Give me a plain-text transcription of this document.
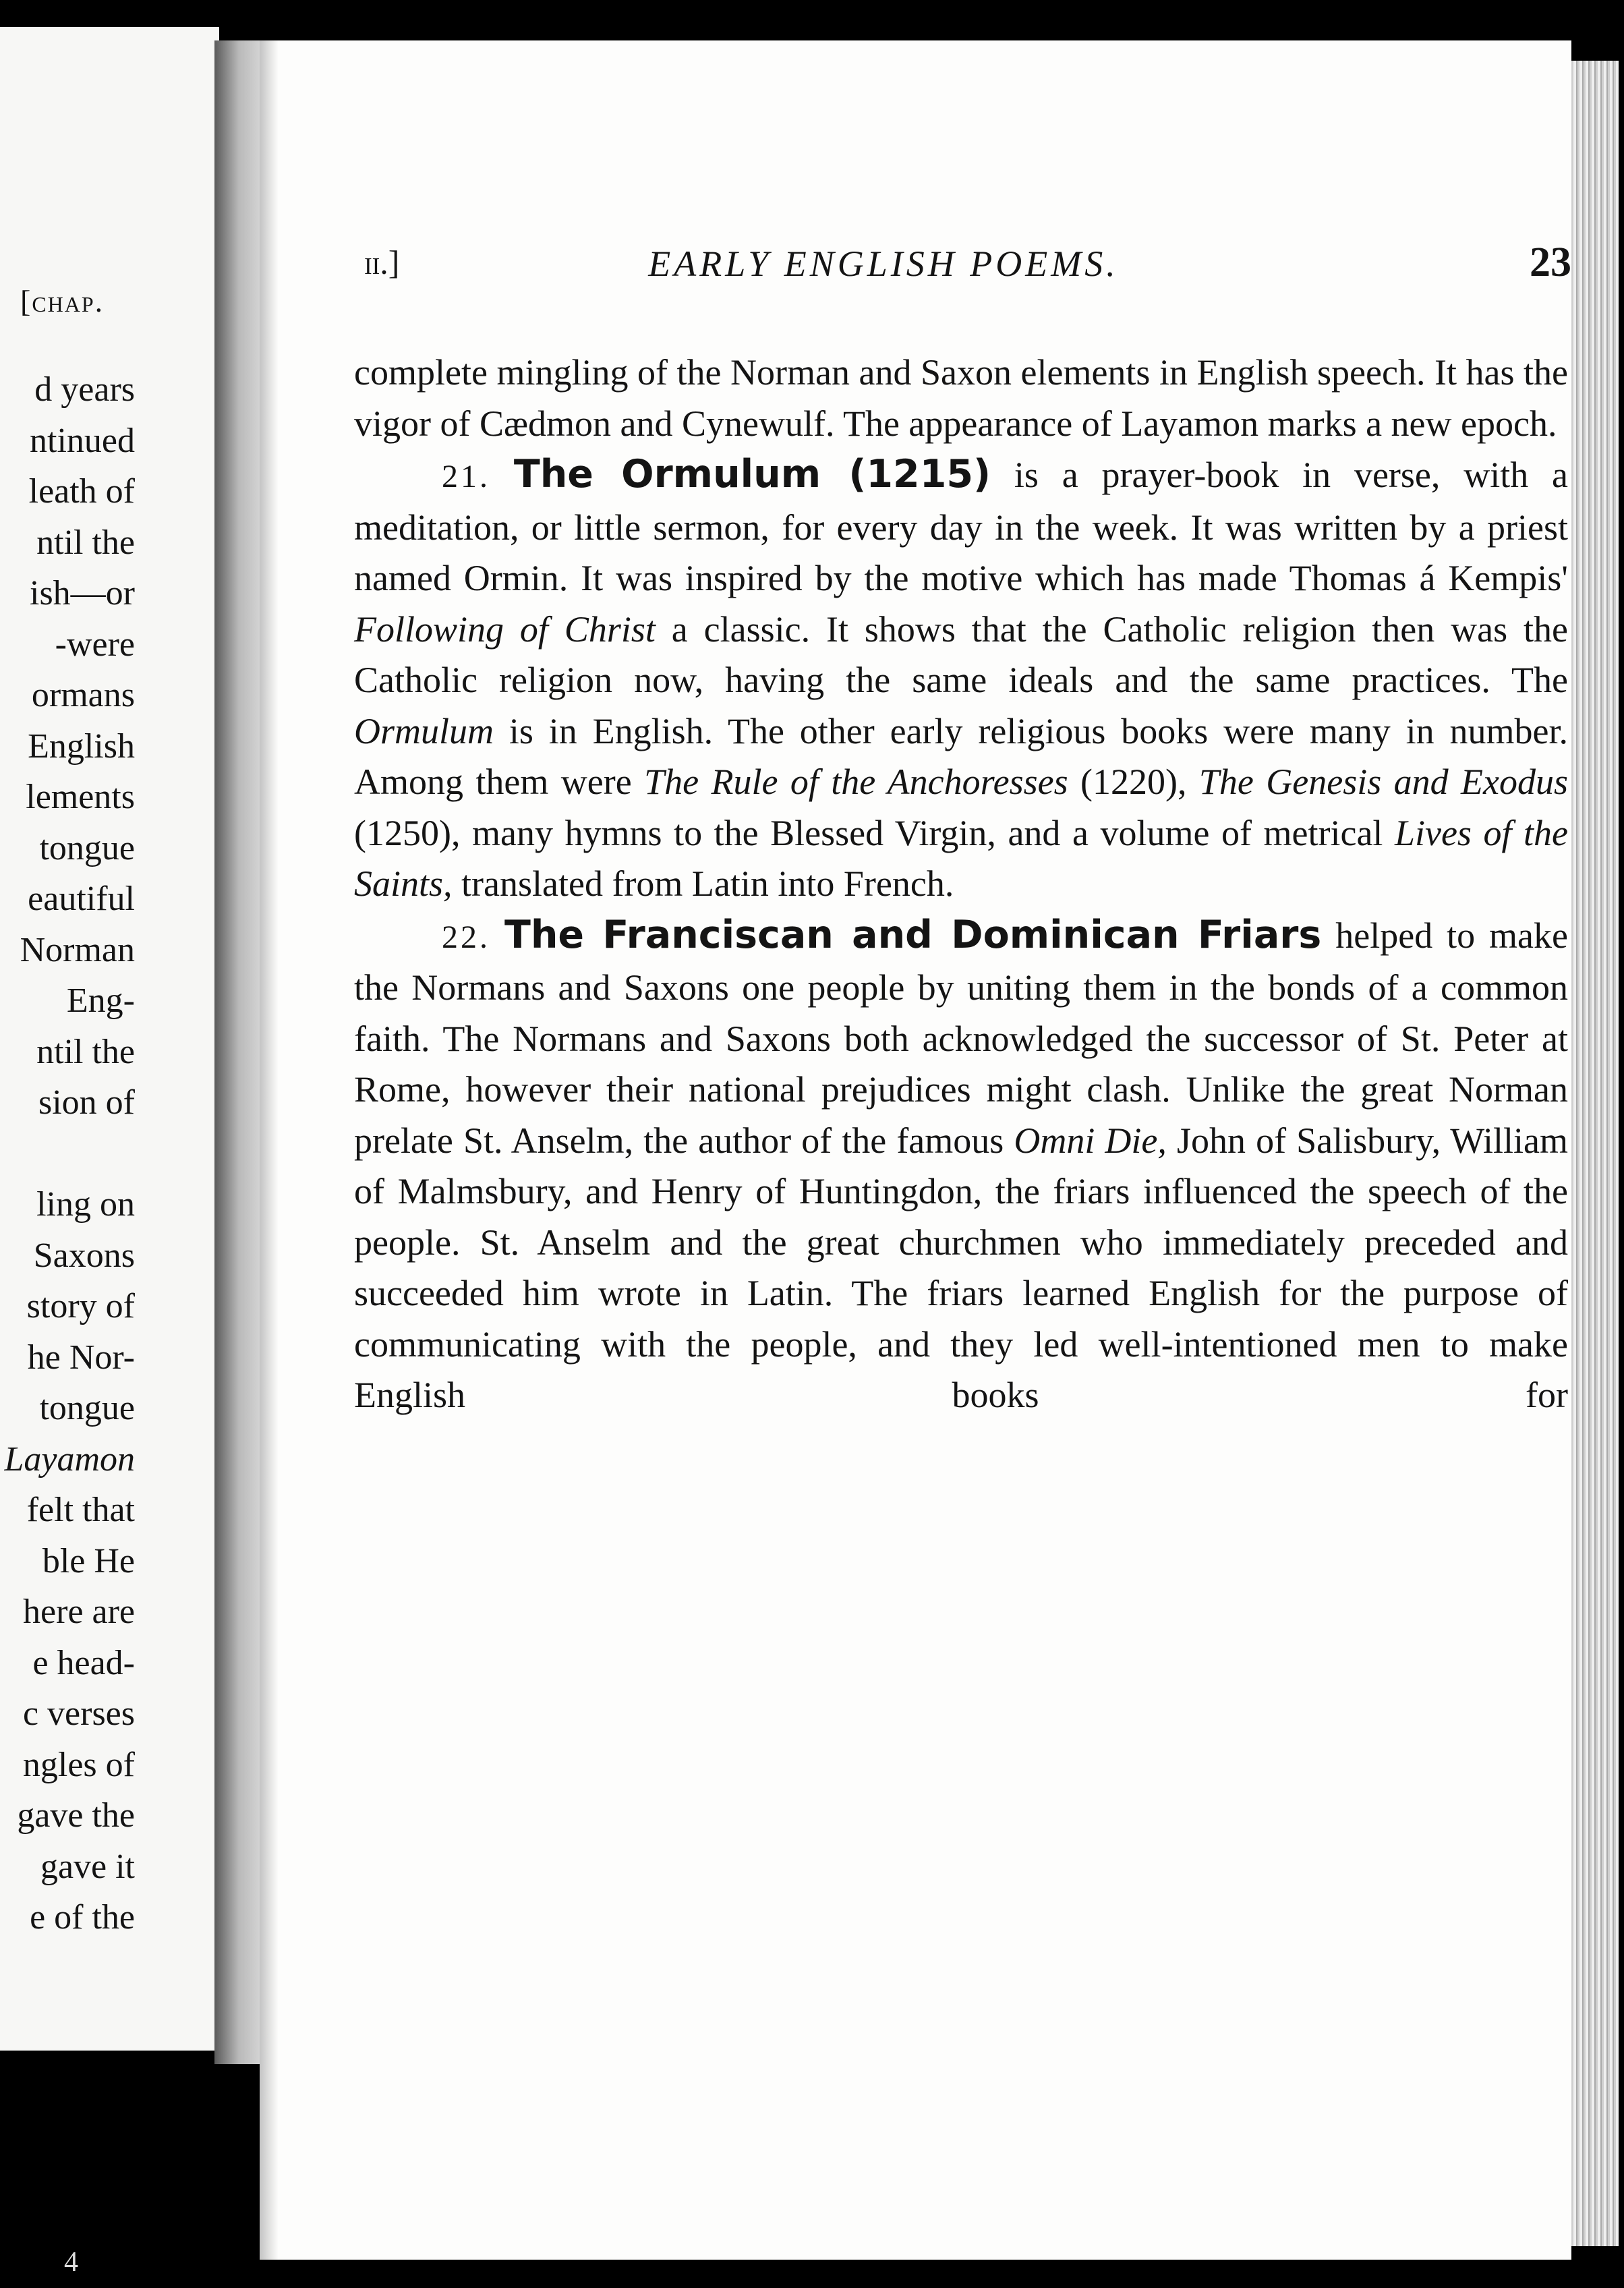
[chap.
d years
ntinued
leath of
ntil the
ish—or
-were
ormans
English
lements
tongue
eautiful
Norman
Eng-
ntil the
sion of
ling on
Saxons
story of
he Nor-
tongue
Layamon
felt that
ble He
here are
e head-
c verses
ngles of
gave the
gave it
e of the
ii.]	EARLY ENGLISH POEMS.	23

complete mingling of the Norman and Saxon elements in English speech. It has the vigor of Cædmon and Cynewulf. The appearance of Layamon marks a new epoch.

21. The Ormulum (1215) is a prayer-book in verse, with a meditation, or little sermon, for every day in the week. It was written by a priest named Ormin. It was inspired by the motive which has made Thomas á Kempis' Following of Christ a classic. It shows that the Catholic religion then was the Catholic religion now, having the same ideals and the same practices. The Ormulum is in English. The other early religious books were many in number. Among them were The Rule of the Anchoresses (1220), The Genesis and Exodus (1250), many hymns to the Blessed Virgin, and a volume of metrical Lives of the Saints, translated from Latin into French.

22. The Franciscan and Dominican Friars helped to make the Normans and Saxons one people by uniting them in the bonds of a common faith. The Normans and Saxons both acknowledged the successor of St. Peter at Rome, however their national prejudices might clash. Unlike the great Norman prelate St. Anselm, the author of the famous Omni Die, John of Salisbury, William of Malmsbury, and Henry of Huntingdon, the friars influenced the speech of the people. St. Anselm and the great churchmen who immediately preceded and succeeded him wrote in Latin. The friars learned English for the purpose of communicating with the people, and they led well-intentioned men to make English books for

4
